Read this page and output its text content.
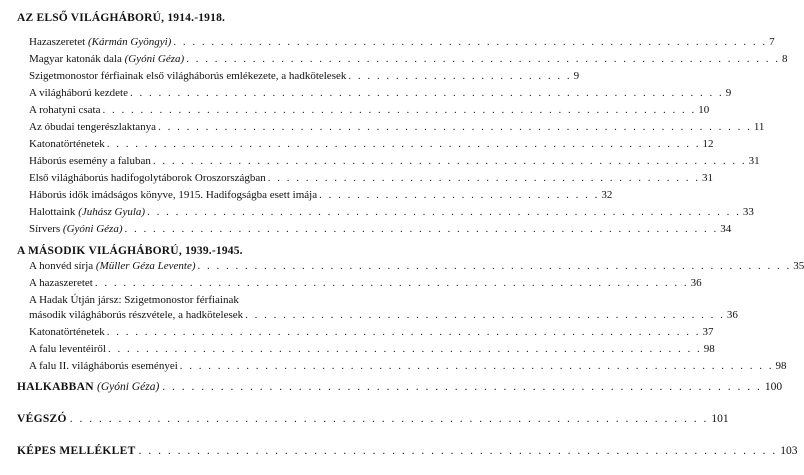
AZ ELSŐ VILÁGHÁBORÚ, 1914.-1918.
Hazaszeretet (Kármán Gyöngyi) . . . . . . . . . . . . . . . . . . . . . . . . . . . . . . . . . . . . . . . . . . . . . . . . . . . . . . . . . . . . . . . 7
Magyar katonák dala (Gyóni Géza) . . . . . . . . . . . . . . . . . . . . . . . . . . . . . . . . . . . . . . . . . . . . . . . . . . . . . . . . . . . . . . . 8
Szigetmonostor férfiainak első világháborús emlékezete, a hadkötelesek . . . . . . . . . . . . . . . . . . . . . . . . 9
A világháború kezdete . . . . . . . . . . . . . . . . . . . . . . . . . . . . . . . . . . . . . . . . . . . . . . . . . . . . . . . . . . . . . . . 9
A rohatyni csata . . . . . . . . . . . . . . . . . . . . . . . . . . . . . . . . . . . . . . . . . . . . . . . . . . . . . . . . . . . . . . . 10
Az óbudai tengerészlaktanya . . . . . . . . . . . . . . . . . . . . . . . . . . . . . . . . . . . . . . . . . . . . . . . . . . . . . . . . . . . . . . . 11
Katonatörténetek . . . . . . . . . . . . . . . . . . . . . . . . . . . . . . . . . . . . . . . . . . . . . . . . . . . . . . . . . . . . . . . 12
Háborús esemény a faluban . . . . . . . . . . . . . . . . . . . . . . . . . . . . . . . . . . . . . . . . . . . . . . . . . . . . . . . . . . . . . . . 31
Első világháborús hadifogolytáborok Oroszországban . . . . . . . . . . . . . . . . . . . . . . . . . . . . . . . . . . . . . . . . . . . . . . 31
Háborús idők imádságos könyve, 1915. Hadifogságba esett imája . . . . . . . . . . . . . . . . . . . . . . . . . . . . . . 32
Halottaink (Juhász Gyula) . . . . . . . . . . . . . . . . . . . . . . . . . . . . . . . . . . . . . . . . . . . . . . . . . . . . . . . . . . . . . . . 33
Sírvers (Gyóni Géza) . . . . . . . . . . . . . . . . . . . . . . . . . . . . . . . . . . . . . . . . . . . . . . . . . . . . . . . . . . . . . . . 34
A MÁSODIK VILÁGHÁBORÚ, 1939.-1945.
A honvéd sírja (Müller Géza Levente) . . . . . . . . . . . . . . . . . . . . . . . . . . . . . . . . . . . . . . . . . . . . . . . . . . . . . . . . . . . . . . . 35
A hazaszeretet . . . . . . . . . . . . . . . . . . . . . . . . . . . . . . . . . . . . . . . . . . . . . . . . . . . . . . . . . . . . . . . 36
A Hadak Útján jársz: Szigetmonostor férfiainak
második világháborús részvétele, a hadkötelesek . . . . . . . . . . . . . . . . . . . . . . . . . . . . . . . . . . . . . . . . . . . . . . . . . . . 36
Katonatörténetek . . . . . . . . . . . . . . . . . . . . . . . . . . . . . . . . . . . . . . . . . . . . . . . . . . . . . . . . . . . . . . . 37
A falu leventéiről . . . . . . . . . . . . . . . . . . . . . . . . . . . . . . . . . . . . . . . . . . . . . . . . . . . . . . . . . . . . . . . 98
A falu II. világháborús eseményei . . . . . . . . . . . . . . . . . . . . . . . . . . . . . . . . . . . . . . . . . . . . . . . . . . . . . . . . . . . . . . . 98
HALKABBAN (Gyóni Géza) . . . . . . . . . . . . . . . . . . . . . . . . . . . . . . . . . . . . . . . . . . . . . . . . . . . . . . . . . . . . . . 100
VÉGSZÓ . . . . . . . . . . . . . . . . . . . . . . . . . . . . . . . . . . . . . . . . . . . . . . . . . . . . . . . . . . . . . . . . . . 101
KÉPES MELLÉKLET . . . . . . . . . . . . . . . . . . . . . . . . . . . . . . . . . . . . . . . . . . . . . . . . . . . . . . . . . . . . . . . . . . 103
